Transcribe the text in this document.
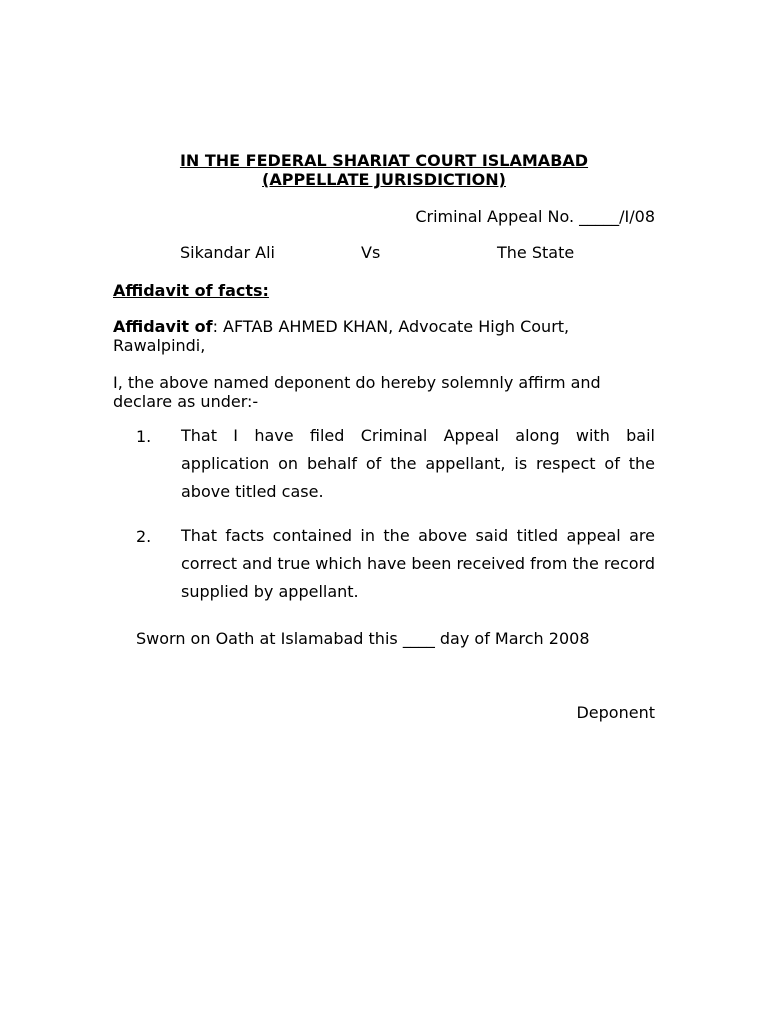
IN THE FEDERAL SHARIAT COURT ISLAMABAD
(APPELLATE JURISDICTION)
Criminal Appeal No. _____/I/08
Sikandar Ali	Vs	The State
Affidavit of facts:
Affidavit of: AFTAB AHMED KHAN, Advocate High Court, Rawalpindi,
I, the above named deponent do hereby solemnly affirm and declare as under:-
1. That I have filed Criminal Appeal along with bail application on behalf of the appellant, is respect of the above titled case.
2. That facts contained in the above said titled appeal are correct and true which have been received from the record supplied by appellant.
Sworn on Oath at Islamabad this ____ day of March 2008
Deponent
